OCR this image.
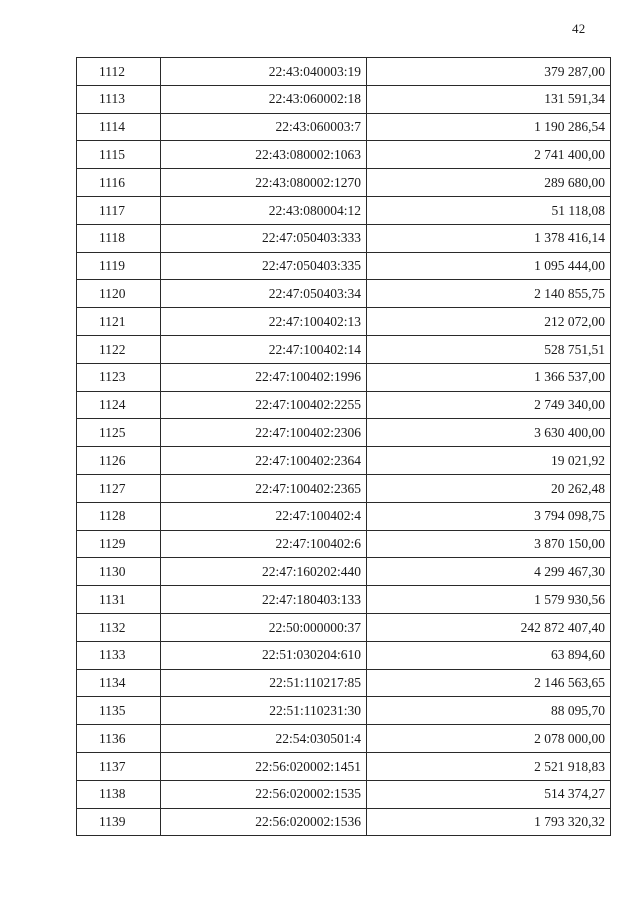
42
1112	22:43:040003:19	379 287,00
1113	22:43:060002:18	131 591,34
1114	22:43:060003:7	1 190 286,54
1115	22:43:080002:1063	2 741 400,00
1116	22:43:080002:1270	289 680,00
1117	22:43:080004:12	51 118,08
1118	22:47:050403:333	1 378 416,14
1119	22:47:050403:335	1 095 444,00
1120	22:47:050403:34	2 140 855,75
1121	22:47:100402:13	212 072,00
1122	22:47:100402:14	528 751,51
1123	22:47:100402:1996	1 366 537,00
1124	22:47:100402:2255	2 749 340,00
1125	22:47:100402:2306	3 630 400,00
1126	22:47:100402:2364	19 021,92
1127	22:47:100402:2365	20 262,48
1128	22:47:100402:4	3 794 098,75
1129	22:47:100402:6	3 870 150,00
1130	22:47:160202:440	4 299 467,30
1131	22:47:180403:133	1 579 930,56
1132	22:50:000000:37	242 872 407,40
1133	22:51:030204:610	63 894,60
1134	22:51:110217:85	2 146 563,65
1135	22:51:110231:30	88 095,70
1136	22:54:030501:4	2 078 000,00
1137	22:56:020002:1451	2 521 918,83
1138	22:56:020002:1535	514 374,27
1139	22:56:020002:1536	1 793 320,32
